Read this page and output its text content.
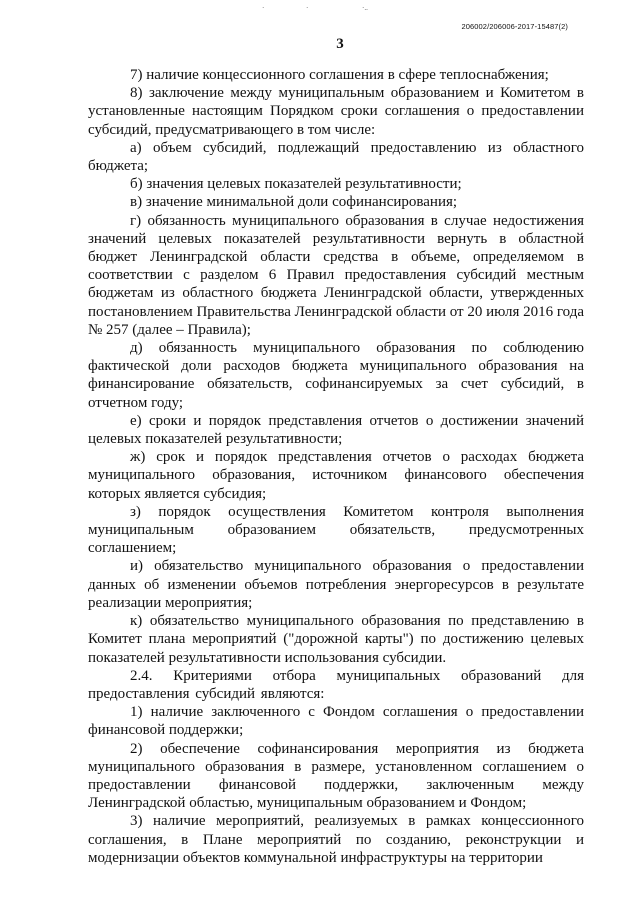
·	·	·..
206002/206006-2017-15487(2)
3

7) наличие концессионного соглашения в сфере теплоснабжения;

8) заключение между муниципальным образованием и Комитетом в установленные настоящим Порядком сроки соглашения о предоставлении субсидий, предусматривающего в том числе:

а) объем субсидий, подлежащий предоставлению из областного бюджета;

б) значения целевых показателей результативности;

в) значение минимальной доли софинансирования;

г) обязанность муниципального образования в случае недостижения значений целевых показателей результативности вернуть в областной бюджет Ленинградской области средства в объеме, определяемом в соответствии с разделом 6 Правил предоставления субсидий местным бюджетам из областного бюджета Ленинградской области, утвержденных постановлением Правительства Ленинградской области от 20 июля 2016 года № 257 (далее – Правила);

д) обязанность муниципального образования по соблюдению фактической доли расходов бюджета муниципального образования на финансирование обязательств, софинансируемых за счет субсидий, в отчетном году;

е) сроки и порядок представления отчетов о достижении значений целевых показателей результативности;

ж) срок и порядок представления отчетов о расходах бюджета муниципального образования, источником финансового обеспечения которых является субсидия;

з) порядок осуществления Комитетом контроля выполнения муниципальным образованием обязательств, предусмотренных соглашением;

и) обязательство муниципального образования о предоставлении данных об изменении объемов потребления энергоресурсов в результате реализации мероприятия;

к) обязательство муниципального образования по представлению в Комитет плана мероприятий ("дорожной карты") по достижению целевых показателей результативности использования субсидии.

2.4. Критериями отбора муниципальных образований для предоставления субсидий являются:

1) наличие заключенного с Фондом соглашения о предоставлении финансовой поддержки;

2) обеспечение софинансирования мероприятия из бюджета муниципального образования в размере, установленном соглашением о предоставлении финансовой поддержки, заключенным между Ленинградской областью, муниципальным образованием и Фондом;

3) наличие мероприятий, реализуемых в рамках концессионного соглашения, в Плане мероприятий по созданию, реконструкции и модернизации объектов коммунальной инфраструктуры на территории
